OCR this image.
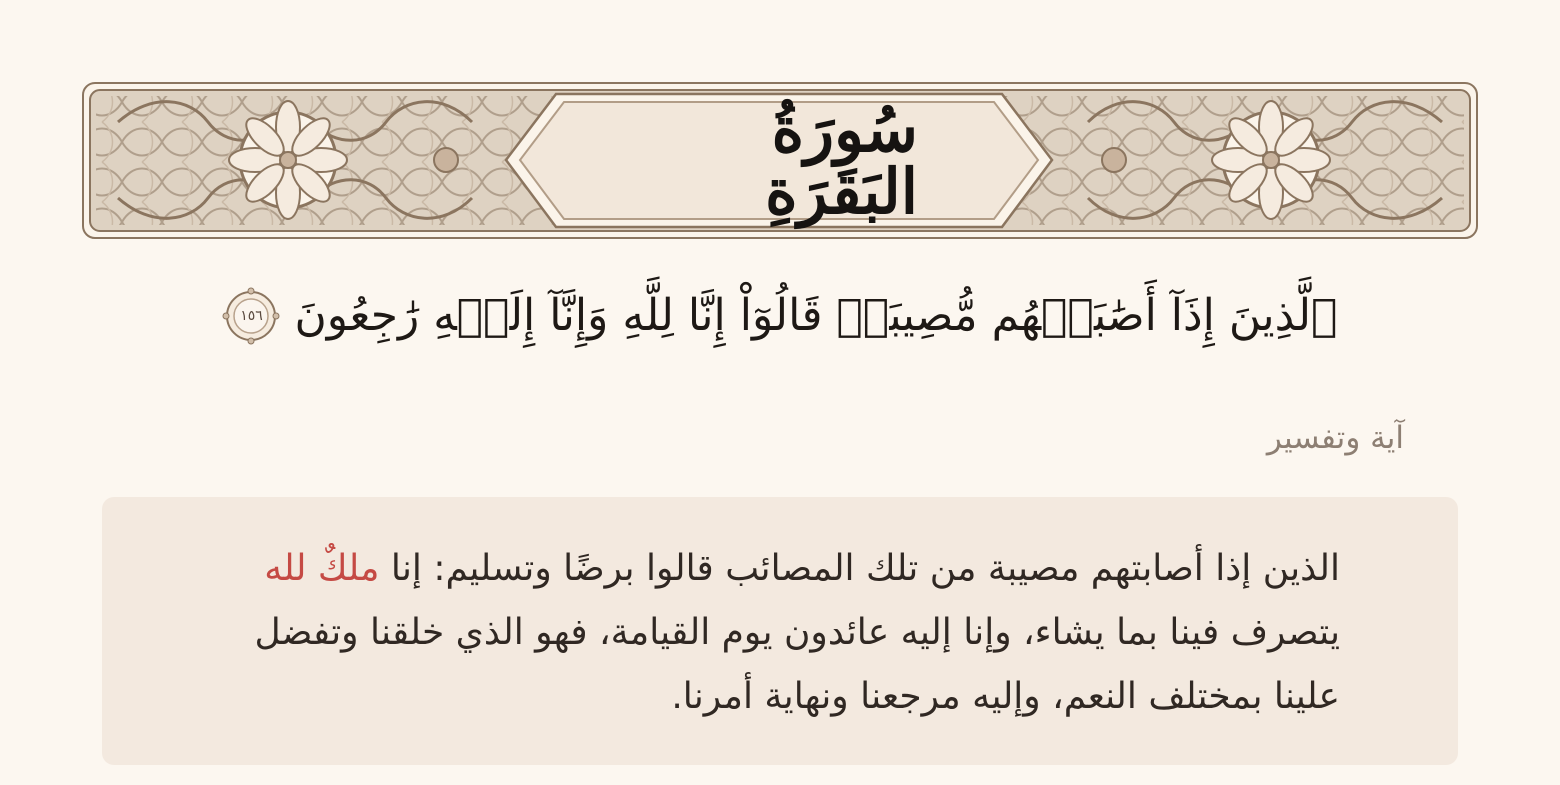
سُورَةُ البَقَرَةِ
ٱلَّذِينَ إِذَآ أَصَٰبَتۡهُم مُّصِيبَةٞ قَالُوٓاْ إِنَّا لِلَّهِ وَإِنَّآ إِلَيۡهِ رَٰجِعُونَ
١٥٦
آية وتفسير

الذين إذا أصابتهم مصيبة من تلك المصائب قالوا برضًا وتسليم: إنا ملكٌ لله يتصرف فينا بما يشاء، وإنا إليه عائدون يوم القيامة، فهو الذي خلقنا وتفضل علينا بمختلف النعم، وإليه مرجعنا ونهاية أمرنا.
